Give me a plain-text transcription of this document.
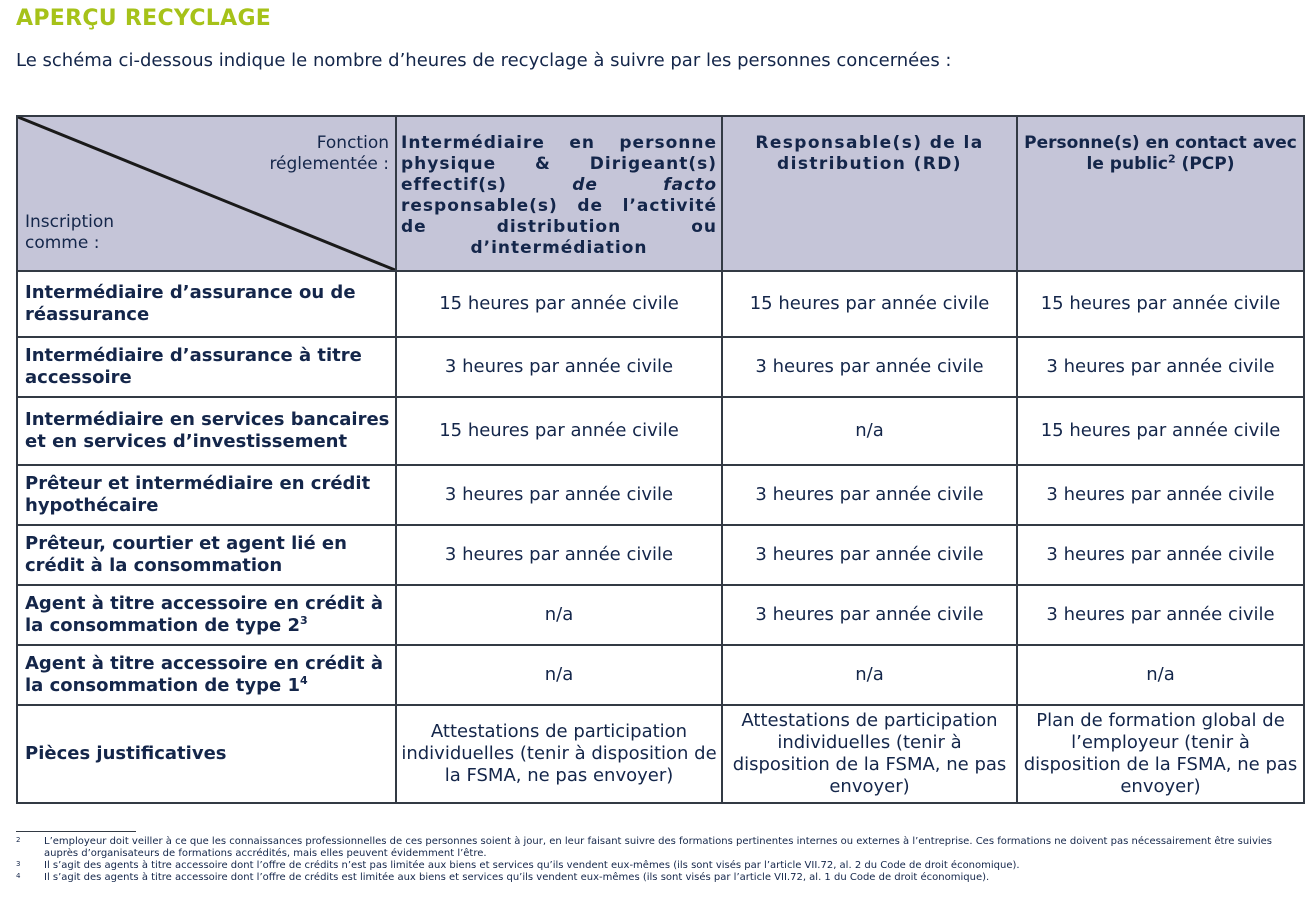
APERÇU RECYCLAGE
Le schéma ci-dessous indique le nombre d’heures de recyclage à suivre par les personnes concernées :
Fonction réglementée :
Inscription comme :	Intermédiaire en personne physique & Dirigeant(s) effectif(s) de facto responsable(s) de l’activité de distribution ou d’intermédiation	Responsable(s) de la distribution (RD)	Personne(s) en contact avec le public$^2$ (PCP)
Intermédiaire d’assurance ou de réassurance	15 heures par année civile	15 heures par année civile	15 heures par année civile
Intermédiaire d’assurance à titre accessoire	3 heures par année civile	3 heures par année civile	3 heures par année civile
Intermédiaire en services bancaires et en services d’investissement	15 heures par année civile	n/a	15 heures par année civile
Prêteur et intermédiaire en crédit hypothécaire	3 heures par année civile	3 heures par année civile	3 heures par année civile
Prêteur, courtier et agent lié en crédit à la consommation	3 heures par année civile	3 heures par année civile	3 heures par année civile
Agent à titre accessoire en crédit à la consommation de type $2^3$	n/a	3 heures par année civile	3 heures par année civile
Agent à titre accessoire en crédit à la consommation de type $1^4$	n/a	n/a	n/a
Pièces justificatives	Attestations de participation individuelles (tenir à disposition de la FSMA, ne pas envoyer)	Attestations de participation individuelles (tenir à disposition de la FSMA, ne pas envoyer)	Plan de formation global de l’employeur (tenir à disposition de la FSMA, ne pas envoyer)
2 L’employeur doit veiller à ce que les connaissances professionnelles de ces personnes soient à jour, en leur faisant suivre des formations pertinentes internes ou externes à l’entreprise. Ces formations ne doivent pas nécessairement être suivies auprès d’organisateurs de formations accrédités, mais elles peuvent évidemment l’être.
3 Il s’agit des agents à titre accessoire dont l’offre de crédits n’est pas limitée aux biens et services qu’ils vendent eux-mêmes (ils sont visés par l’article VII.72, al. 2 du Code de droit économique).
4 Il s’agit des agents à titre accessoire dont l’offre de crédits est limitée aux biens et services qu’ils vendent eux-mêmes (ils sont visés par l’article VII.72, al. 1 du Code de droit économique).
